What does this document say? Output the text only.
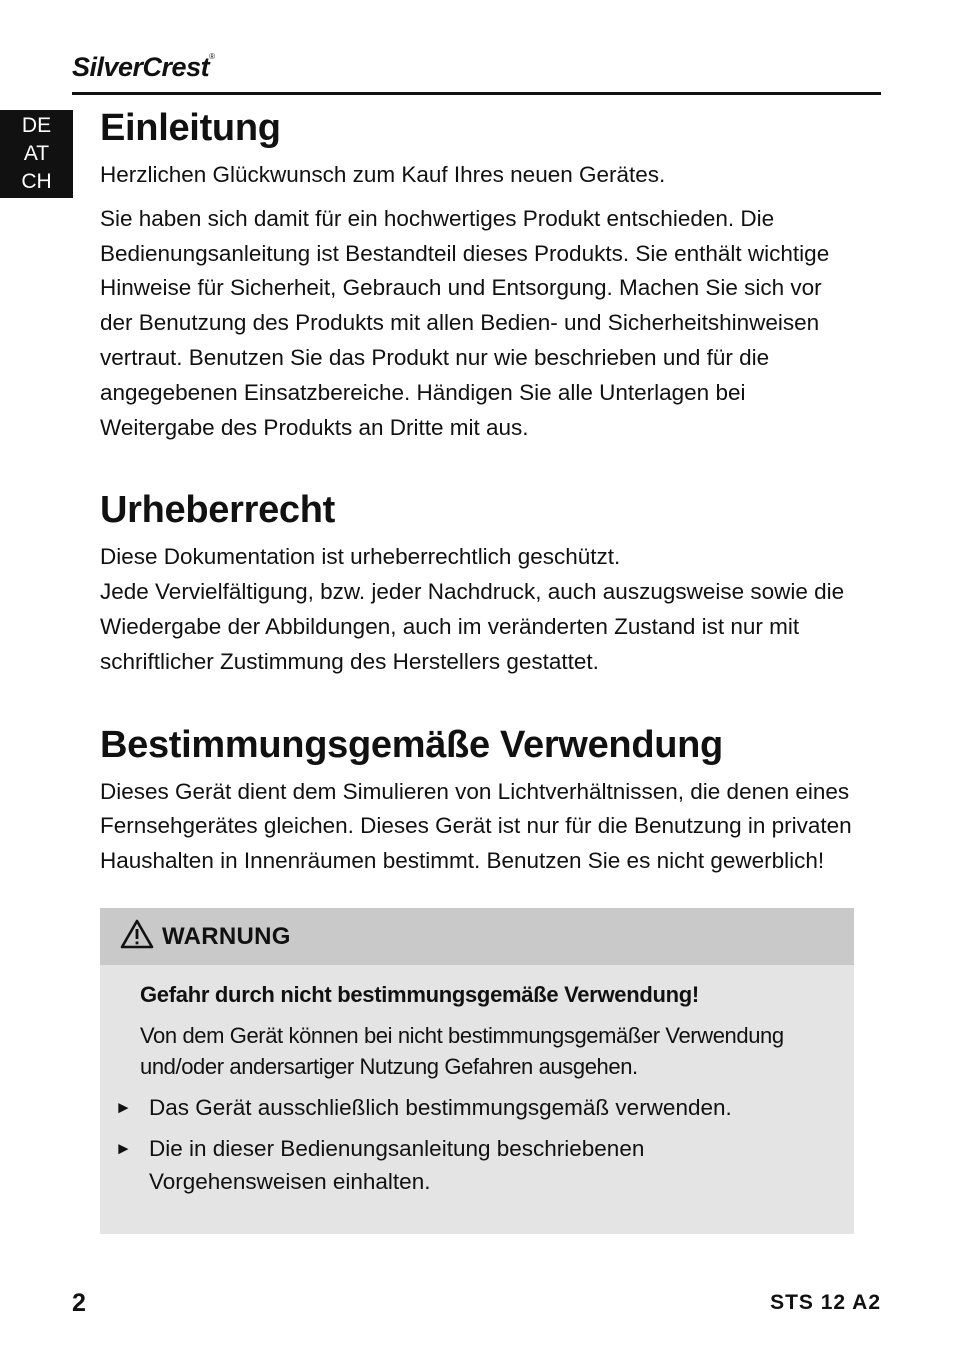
SilverCrest®
DE
AT
CH
Einleitung

Herzlichen Glückwunsch zum Kauf Ihres neuen Gerätes.

Sie haben sich damit für ein hochwertiges Produkt entschieden. Die Bedienungsanleitung ist Bestandteil dieses Produkts. Sie enthält wichtige Hinweise für Sicherheit, Gebrauch und Entsorgung. Machen Sie sich vor der Benutzung des Produkts mit allen Bedien- und Sicherheitshinweisen vertraut. Benutzen Sie das Produkt nur wie beschrieben und für die angegebenen Einsatzbereiche. Händigen Sie alle Unterlagen bei Weitergabe des Produkts an Dritte mit aus.

Urheberrecht

Diese Dokumentation ist urheberrechtlich geschützt.

Jede Vervielfältigung, bzw. jeder Nachdruck, auch auszugsweise sowie die Wiedergabe der Abbildungen, auch im veränderten Zustand ist nur mit schriftlicher Zustimmung des Herstellers gestattet.

Bestimmungsgemäße Verwendung

Dieses Gerät dient dem Simulieren von Lichtverhältnissen, die denen eines Fernsehgerätes gleichen. Dieses Gerät ist nur für die Benutzung in privaten Haushalten in Innenräumen bestimmt. Benutzen Sie es nicht gewerblich!

WARNUNG
Gefahr durch nicht bestimmungsgemäße Verwendung!
Von dem Gerät können bei nicht bestimmungsgemäßer Verwendung und/oder andersartiger Nutzung Gefahren ausgehen.
► Das Gerät ausschließlich bestimmungsgemäß verwenden.
► Die in dieser Bedienungsanleitung beschriebenen Vorgehensweisen einhalten.
2	STS 12 A2
